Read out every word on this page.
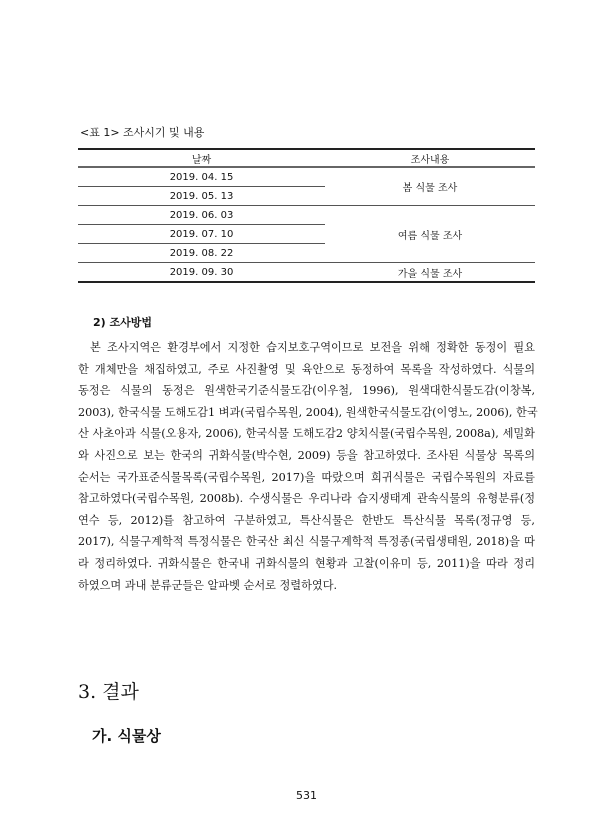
<표 1> 조사시기 및 내용
날짜	조사내용
2019. 04. 15	봄 식물 조사
2019. 05. 13	
2019. 06. 03	여름 식물 조사
2019. 07. 10	
2019. 08. 22	
2019. 09. 30	가을 식물 조사
2) 조사방법
본 조사지역은 환경부에서 지정한 습지보호구역이므로 보전을 위해 정확한 동정이 필요
한 개체만을 채집하였고, 주로 사진촬영 및 육안으로 동정하여 목록을 작성하였다. 식물의
동정은 식물의 동정은 원색한국기준식물도감(이우철, 1996), 원색대한식물도감(이창복,
2003), 한국식물 도해도감1 벼과(국립수목원, 2004), 원색한국식물도감(이영노, 2006), 한국
산 사초아과 식물(오용자, 2006), 한국식물 도해도감2 양치식물(국립수목원, 2008a), 세밀화
와 사진으로 보는 한국의 귀화식물(박수현, 2009) 등을 참고하였다. 조사된 식물상 목록의
순서는 국가표준식물목록(국립수목원, 2017)을 따랐으며 희귀식물은 국립수목원의 자료를
참고하였다(국립수목원, 2008b). 수생식물은 우리나라 습지생태계 관속식물의 유형분류(정
연수 등, 2012)를 참고하여 구분하였고, 특산식물은 한반도 특산식물 목록(정규영 등,
2017), 식물구계학적 특정식물은 한국산 최신 식물구계학적 특정종(국립생태원, 2018)을 따
라 정리하였다. 귀화식물은 한국내 귀화식물의 현황과 고찰(이유미 등, 2011)을 따라 정리
하였으며 과내 분류군들은 알파벳 순서로 정렬하였다.
3. 결과
가. 식물상
531
